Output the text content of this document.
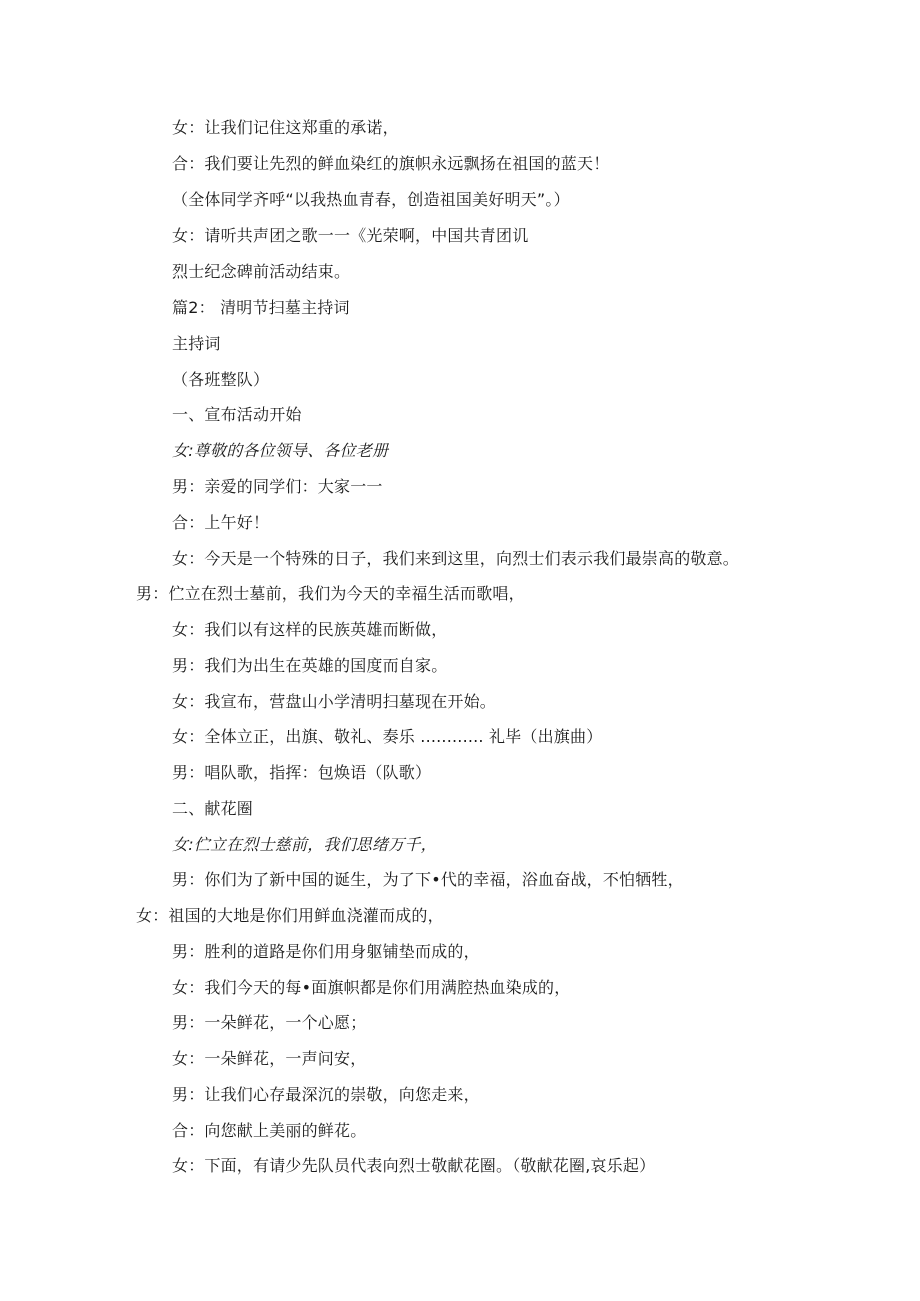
女：让我们记住这郑重的承诺，
合：我们要让先烈的鲜血染红的旗帜永远飘扬在祖国的蓝天！
（全体同学齐呼“以我热血青春，创造祖国美好明天”。）
女：请听共声团之歌一一《光荣啊，中国共青团讥
烈士纪念碑前活动结束。
篇2： 清明节扫墓主持词
主持词
（各班整队）
一、宣布活动开始
女:尊敬的各位领导、各位老册
男：亲爱的同学们：大家一一
合：上午好！
女：今天是一个特殊的日子，我们来到这里，向烈士们表示我们最崇高的敬意。
男：伫立在烈士墓前，我们为今天的幸福生活而歌唱，
女：我们以有这样的民族英雄而断做，
男：我们为出生在英雄的国度而自家。
女：我宣布，营盘山小学清明扫墓现在开始。
女：全体立正，出旗、敬礼、奏乐 ............ 礼毕（出旗曲）
男：唱队歌，指挥：包焕语（队歌）
二、献花圈
女:伫立在烈士慈前，我们思绪万千，
男：你们为了新中国的诞生，为了下•代的幸福，浴血奋战，不怕牺牲，
女：祖国的大地是你们用鲜血浇灌而成的，
男：胜利的道路是你们用身躯铺垫而成的，
女：我们今天的每•面旗帜都是你们用满腔热血染成的，
男：一朵鲜花，一个心愿；
女：一朵鲜花，一声问安，
男：让我们心存最深沉的崇敬，向您走来，
合：向您献上美丽的鲜花。
女：下面，有请少先队员代表向烈士敬献花圈。（敬献花圈,哀乐起）
